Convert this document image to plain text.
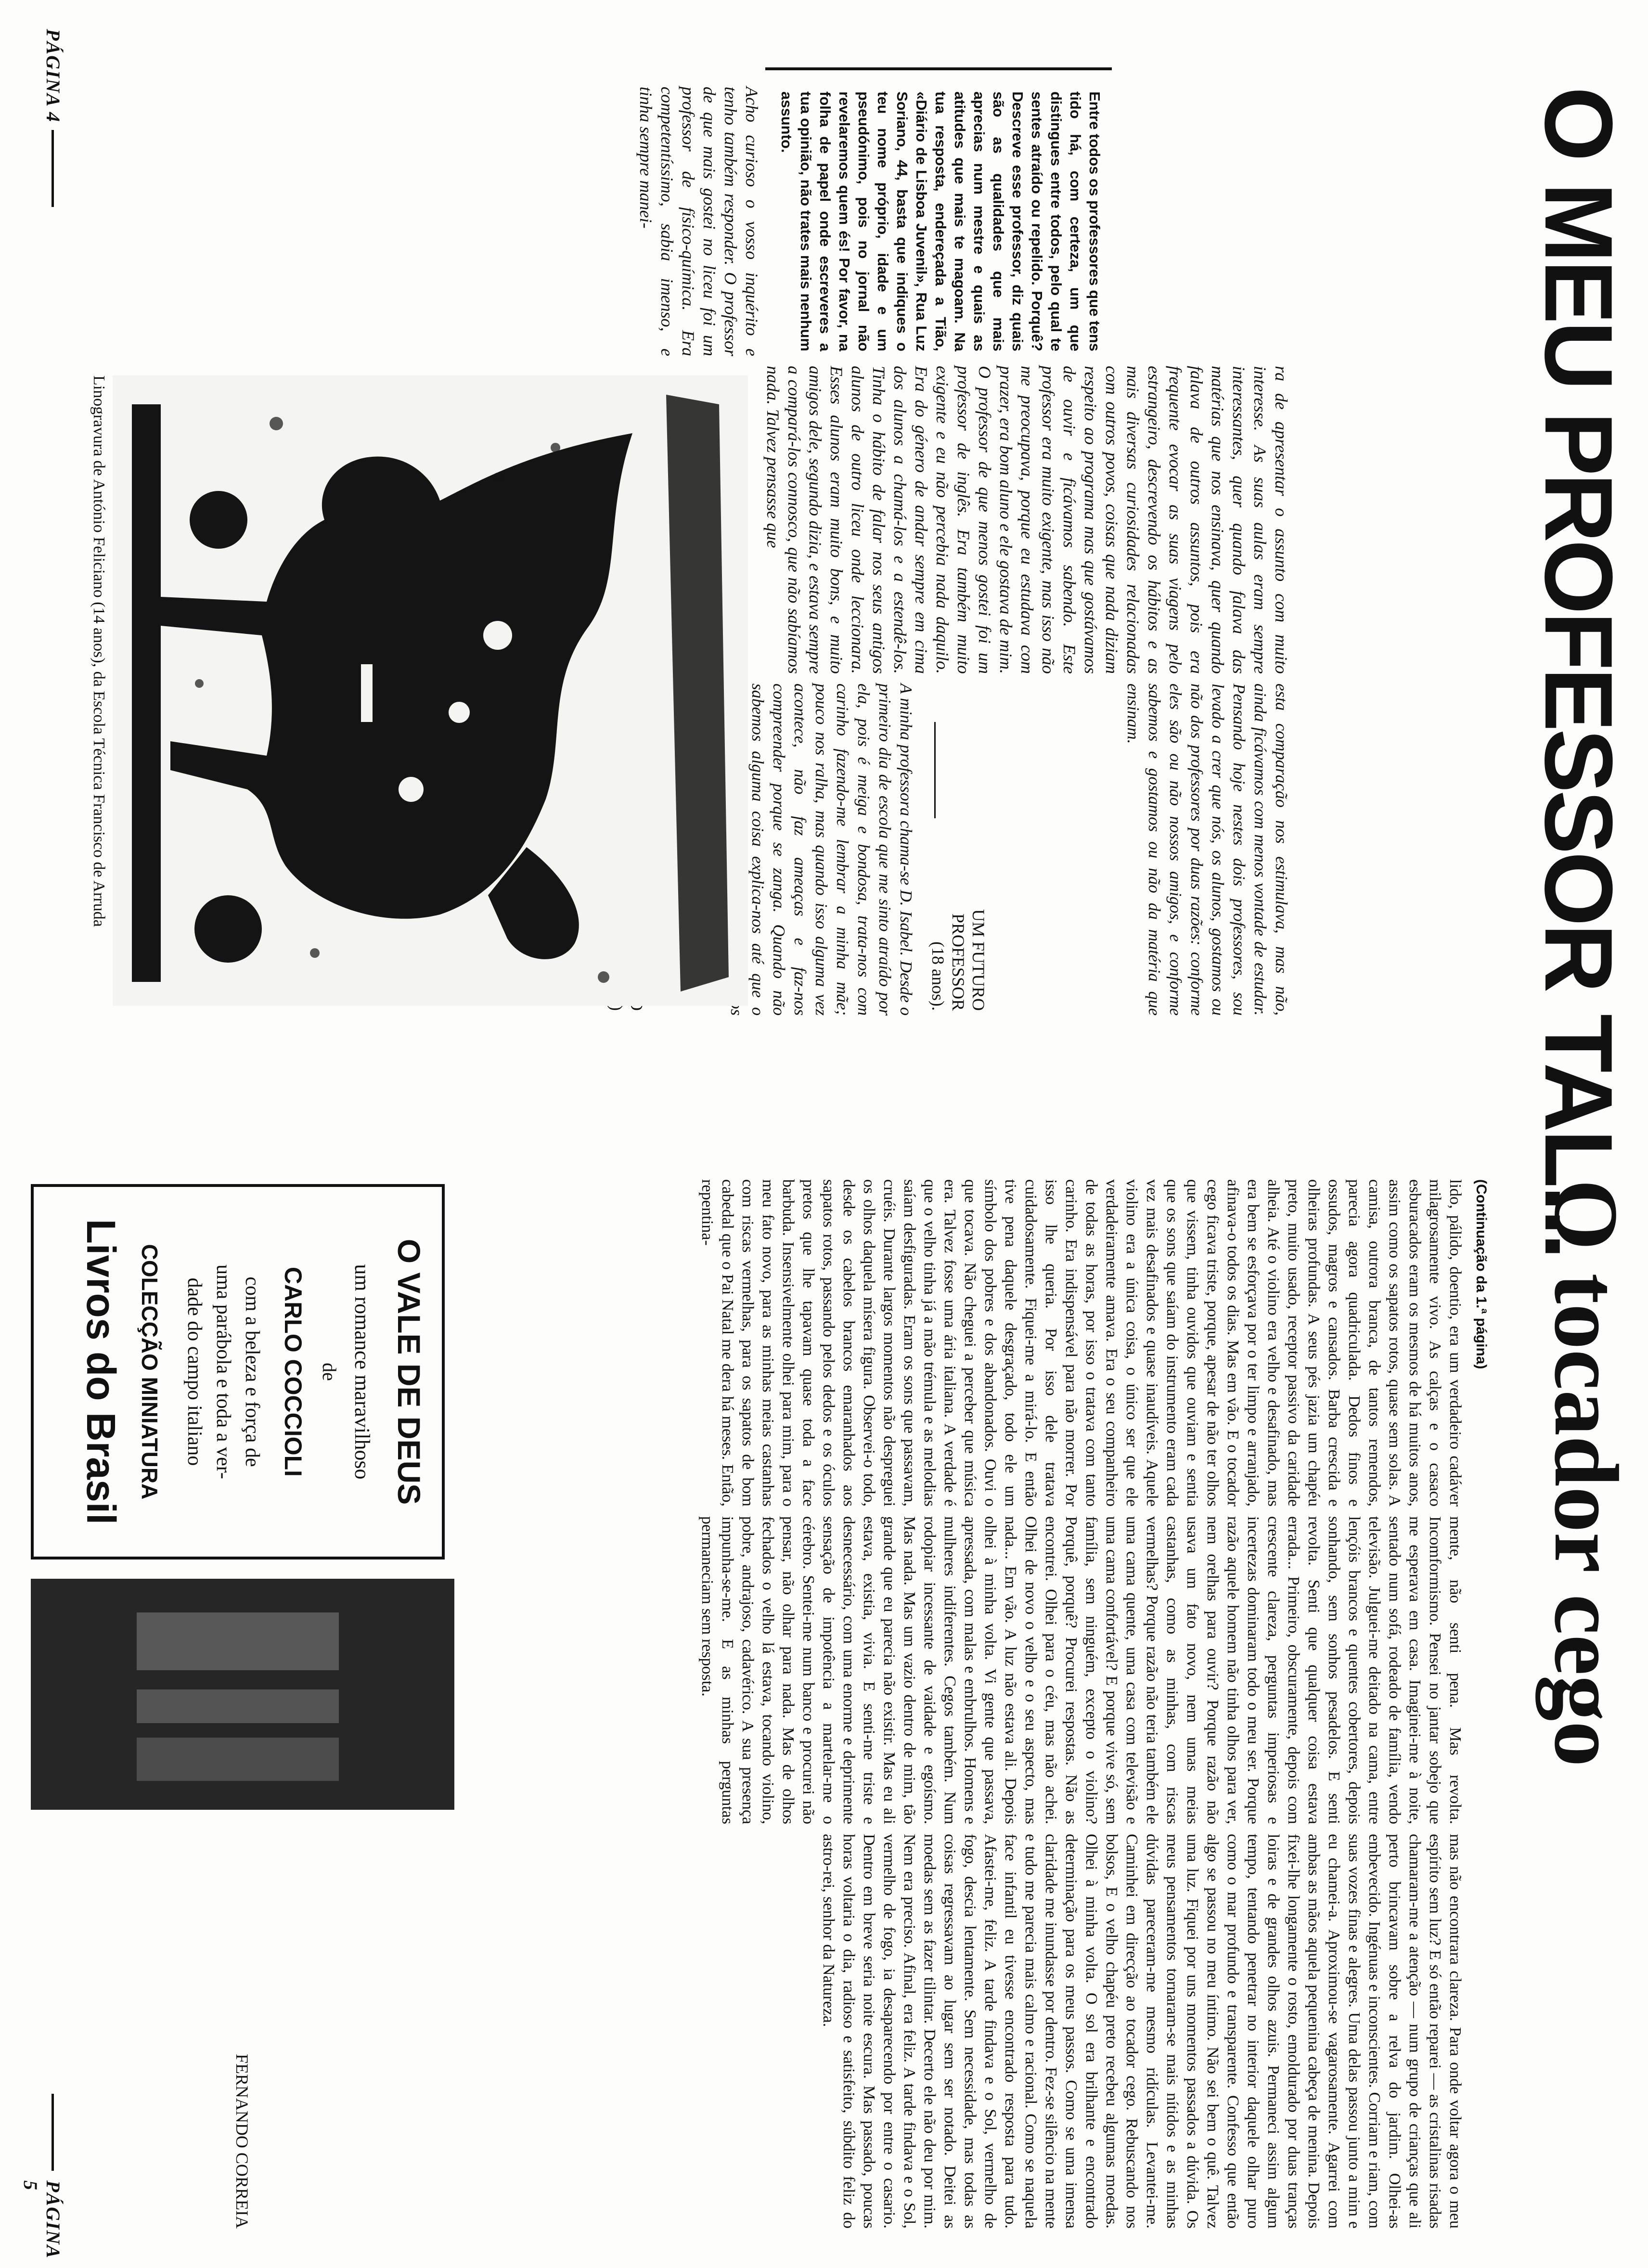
PÁGINA 4
O MEU PROFESSOR TAL...
Entre todos os professores que tens tido há, com certeza, um que distingues entre todos, pelo qual te sentes atraído ou repelido. Porquê? Descreve esse professor, diz quais são as qualidades que mais aprecias num mestre e quais as atitudes que mais te magoam. Na tua resposta, endereçada a Tião, «Diário de Lisboa Juvenil», Rua Luz Soriano, 44, basta que indiques o teu nome próprio, idade e um pseudónimo, pois no jornal não revelaremos quem és! Por favor, na folha de papel onde escreveres a tua opinião, não trates mais nenhum assunto.
ra de apresentar o assunto com muito interesse. As suas aulas eram sempre interessantes, quer quando falava das matérias que nos ensinava, quer quando falava de outros assuntos, pois era frequente evocar as suas viagens pelo estrangeiro, descrevendo os hábitos e as mais diversas curiosidades relacionadas com outros povos, coisas que nada diziam respeito ao programa mas que gostávamos de ouvir e ficávamos sabendo. Este professor era muito exigente, mas isso não me preocupava, porque eu estudava com prazer, era bom aluno e ele gostava de mim. O professor de que menos gostei foi um professor de inglês. Era também muito exigente e eu não percebia nada daquilo. Era do género de andar sempre em cima dos alunos a chamá-los e a estendê-los. Tinha o hábito de falar nos seus antigos alunos de outro liceu onde leccionara. Esses alunos eram muito bons, e muito amigos dele, segundo dizia, e estava sempre a compará-los connosco, que não sabíamos nada. Talvez pensasse que
esta comparação nos estimulava, mas não, ainda ficávamos com menos vontade de estudar. Pensando hoje nestes dois professores, sou levado a crer que nós, os alunos, gostamos ou não dos professores por duas razões: conforme eles são ou não nossos amigos, e conforme sabemos e gostamos ou não da matéria que ensinam.
UM FUTURO PROFESSOR
(18 anos).
A minha professora chama-se D. Isabel. Desde o primeiro dia de escola que me sinto atraído por ela, pois é meiga e bondosa, trata-nos com carinho fazendo-me lembrar a minha mãe; pouco nos ralha, mas quando isso alguma vez acontece, não faz ameaças e faz-nos compreender porque se zanga. Quando não sabemos alguma coisa explica-nos até que o
Acho curioso o vosso inquérito e tenho também responder. O professor de que mais gostei no liceu foi um professor de físico-química. Era competentíssimo, sabia imenso, e tinha sempre manei-
Linogravura de António Feliciano (14 anos), da Escola Técnica Francisco de Arruda
O tocador cego
(Continuação da 1.ª página)
lido, pálido, doentio, era um verdadeiro cadáver milagrosamente vivo. As calças e o casaco esburacados eram os mesmos de há muitos anos, assim como os sapatos rotos, quase sem solas. A camisa, outrora branca, de tantos remendos, parecia agora quadriculada. Dedos finos e ossudos, magros e cansados. Barba crescida e olheiras profundas. A seus pés jazia um chapéu preto, muito usado, receptor passivo da caridade alheia. Até o violino era velho e desafinado, mas era bem se esforçava por o ter limpo e arranjado, afinava-o todos os dias. Mas em vão. E o tocador cego ficava triste, porque, apesar de não ter olhos que vissem, tinha ouvidos que ouviam e sentia que os sons que saíam do instrumento eram cada vez mais desafinados e quase inaudíveis. Aquele violino era a única coisa, o único ser que ele verdadeiramente amava. Era o seu companheiro de todas as horas, por isso o tratava com tanto carinho. Era indispensável para não morrer. Por isso lhe queria. Por isso dele tratava cuidadosamente. Fiquei-me a mirá-lo. E então tive pena daquele desgraçado, todo ele um símbolo dos pobres e dos abandonados. Ouvi o que tocava. Não cheguei a perceber que música era. Talvez fosse uma ária italiana. A verdade é que o velho tinha já a mão trémula e as melodias saíam desfiguradas. Eram os sons que passavam, cruéis. Durante largos momentos não despreguei os olhos daquela mísera figura. Observei-o todo, desde os cabelos brancos emaranhados aos sapatos rotos, passando pelos dedos e os óculos pretos que lhe tapavam quase toda a face barbuda. Insensivelmente olhei para mim, para o meu fato novo, para as minhas meias castanhas com riscas vermelhas, para os sapatos de bom cabedal que o Pai Natal me dera há meses. Então, repentina-
mente, não senti pena. Mas revolta. Incomformismo. Pensei no jantar sobejo que me esperava em casa. Imaginei-me à noite, sentado num sofá, rodeado de família, vendo televisão. Julguei-me deitado na cama, entre lençóis brancos e quentes cobertores, depois sonhando, sem sonhos pesadelos. E senti revolta. Senti que qualquer coisa estava errada... Primeiro, obscuramente, depois com crescente clareza, perguntas imperiosas e incertezas dominaram todo o meu ser. Porque razão aquele homem não tinha olhos para ver, nem orelhas para ouvir? Porque razão não usava um fato novo, nem umas meias castanhas, como as minhas, com riscas vermelhas? Porque razão não teria também ele uma cama quente, uma casa com televisão e uma cama confortável? E porque vive só, sem família, sem ninguém, excepto o violino? Porquê, porquê? Procurei respostas. Não as encontrei. Olhei para o céu, mas não achei. Olhei de novo o velho e o seu aspecto, mas nada... Em vão. A luz não estava ali. Depois olhei à minha volta. Vi gente que passava, apressada, com malas e embrulhos. Homens e mulheres indiferentes. Cegos também. Num rodopiar incessante de vaidade e egoísmo. Mas nada. Mas um vazio dentro de mim, tão grande que eu parecia não existir. Mas eu ali estava, existia, vivia. E senti-me triste e desnecessário, com uma enorme e deprimente sensação de impotência a martelar-me o cérebro. Sentei-me num banco e procurei não pensar, não olhar para nada. Mas de olhos fechados o velho lá estava, tocando violino, pobre, andrajoso, cadavérico. A sua presença impunha-se-me. E as minhas perguntas permaneciam sem resposta.
mas não encontrara clareza. Para onde voltar agora o meu espírito sem luz? E só então reparei — as cristalinas risadas chamaram-me a atenção — num grupo de crianças que ali perto brincavam sobre a relva do jardim. Olhei-as embevecido. Ingénuas e inconscientes. Corriam e riam, com suas vozes finas e alegres. Uma delas passou junto a mim e eu chamei-a. Aproximou-se vagarosamente. Agarrei com ambas as mãos aquela pequenina cabeça de menina. Depois fixei-lhe longamente o rosto, emoldurado por duas tranças loiras e de grandes olhos azuis. Permaneci assim algum tempo, tentando penetrar no interior daquele olhar puro como o mar profundo e transparente. Confesso que então algo se passou no meu íntimo. Não sei bem o quê. Talvez uma luz. Fiquei por uns momentos passados a dúvida. Os meus pensamentos tornaram-se mais nítidos e as minhas dúvidas pareceram-me mesmo ridículas. Levantei-me. Caminhei em direcção ao tocador cego. Rebuscando nos bolsos, E o velho chapéu preto recebeu algumas moedas. Olhei à minha volta. O sol era brilhante e encontrado determinação para os meus passos. Como se uma imensa claridade me inundasse por dentro. Fez-se silêncio na mente e tudo me parecia mais calmo e racional. Como se naquela face infantil eu tivesse encontrado resposta para tudo. Afastei-me, feliz. A tarde findava e o Sol, vermelho de fogo, descia lentamente. Sem necessidade, mas todas as coisas regressavam ao lugar sem ser notado. Deitei as moedas sem as fazer tilintar. Decerto ele não deu por mim. Nem era preciso. Afinal, era feliz. A tarde findava e o Sol, vermelho de fogo, ia desaparecendo por entre o casario. Dentro em breve seria noite escura. Mas passado, poucas horas voltaria o dia, radioso e satisfeito, súbdito feliz do astro-rei, senhor da Natureza.
FERNANDO CORREIA
O VALE DE DEUS
um romance maravilhoso
de
CARLO COCCIOLI
com a beleza e força de
uma parábola e toda a ver-
dade do campo italiano
COLECÇÃO MINIATURA
Livros do Brasil
PÁGINA 5
